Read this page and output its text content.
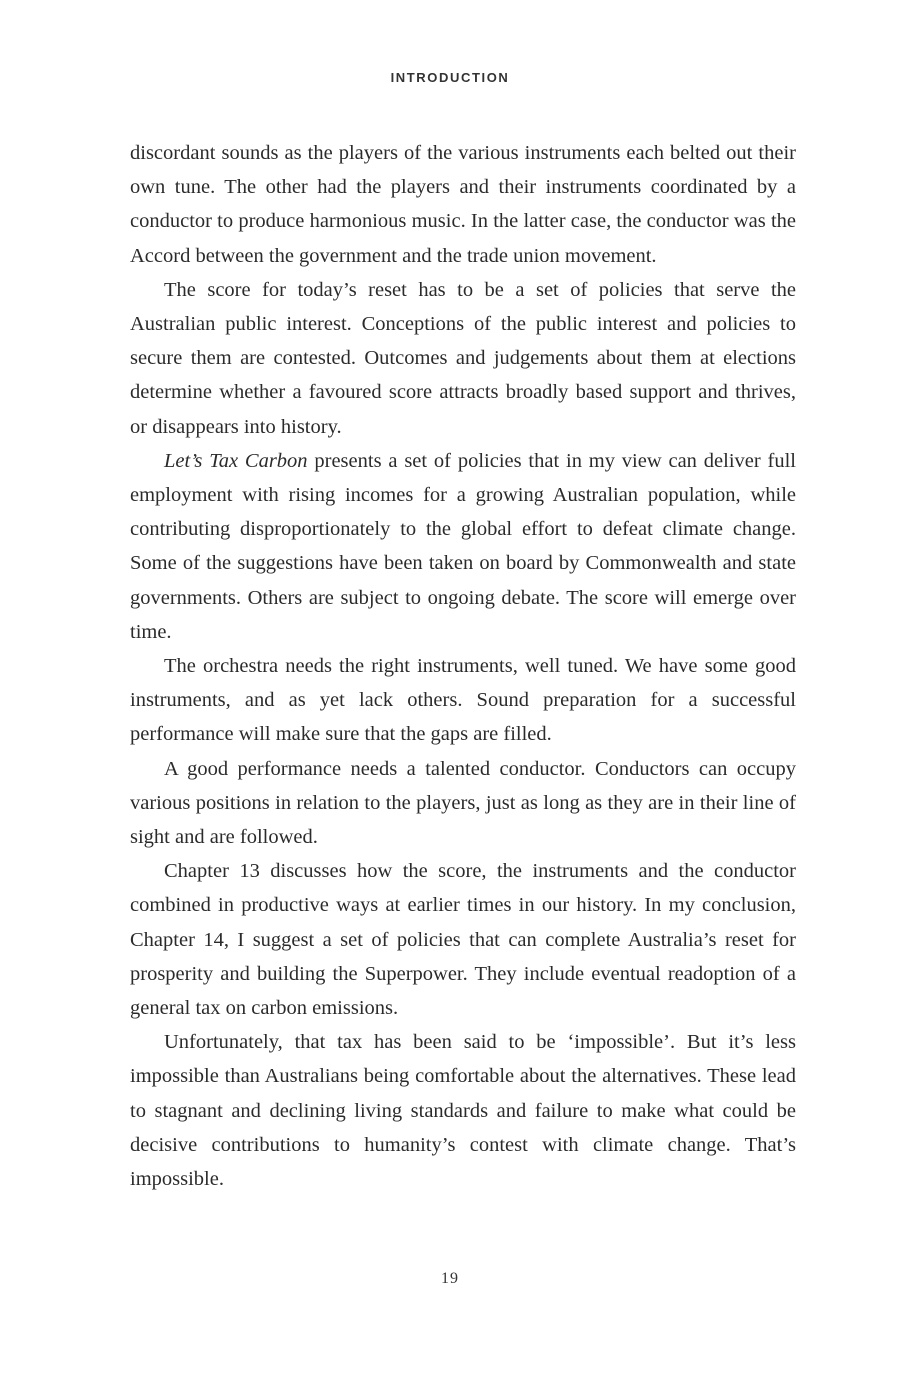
INTRODUCTION

discordant sounds as the players of the various instruments each belted out their own tune. The other had the players and their instruments coordinated by a conductor to produce harmonious music. In the latter case, the conductor was the Accord between the government and the trade union movement.

The score for today’s reset has to be a set of policies that serve the Australian public interest. Conceptions of the public interest and policies to secure them are contested. Outcomes and judgements about them at elections determine whether a favoured score attracts broadly based support and thrives, or disappears into history.

Let’s Tax Carbon presents a set of policies that in my view can deliver full employment with rising incomes for a growing Australian population, while contributing disproportionately to the global effort to defeat climate change. Some of the suggestions have been taken on board by Commonwealth and state governments. Others are subject to ongoing debate. The score will emerge over time.

The orchestra needs the right instruments, well tuned. We have some good instruments, and as yet lack others. Sound preparation for a successful performance will make sure that the gaps are filled.

A good performance needs a talented conductor. Conductors can occupy various positions in relation to the players, just as long as they are in their line of sight and are followed.

Chapter 13 discusses how the score, the instruments and the conductor combined in productive ways at earlier times in our history. In my conclusion, Chapter 14, I suggest a set of policies that can complete Australia’s reset for prosperity and building the Superpower. They include eventual readoption of a general tax on carbon emissions.

Unfortunately, that tax has been said to be ‘impossible’. But it’s less impossible than Australians being comfortable about the alternatives. These lead to stagnant and declining living standards and failure to make what could be decisive contributions to humanity’s contest with climate change. That’s impossible.

19
